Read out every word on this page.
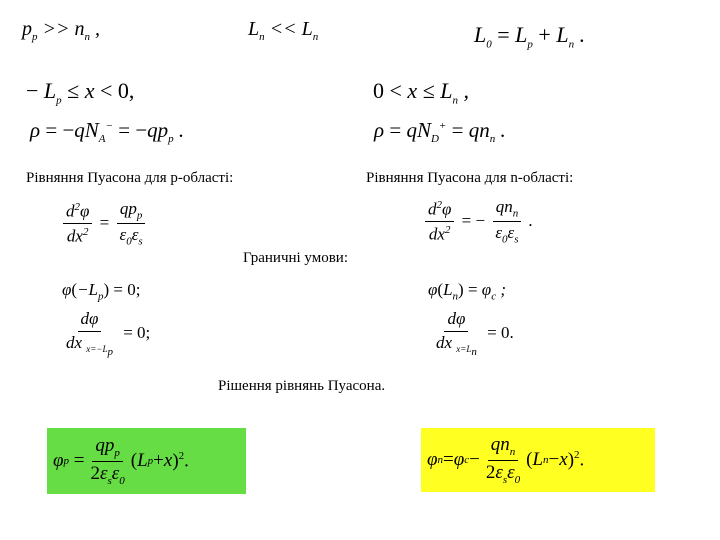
$p_p >> n_n$ ,	$L_n << L_n$	$L_0 = L_p + L_n$ .
− $L_p \le x < 0$,	$0 < x \le L_n$ ,
$\rho = -qN_A^- = -qp_p$ .	$\rho = qN_D^+ = qn_n$ .
Рівняння Пуасона для р-області:	Рівняння Пуасона для n-області:
$\frac{d^2\varphi}{dx^2} = \frac{qp_p}{\varepsilon_0\varepsilon_s}$	$\frac{d^2\varphi}{dx^2}$ = − $\frac{qn_n}{\varepsilon_0\varepsilon_s}$ .
Граничні умови:
$\varphi(-L_p) = 0$;	$\varphi(L_n) = \varphi_c$ ;
$\frac{d\varphi}{dx _{x=-L_p}} = 0$;	$\frac{d\varphi}{dx _{x=L_n}} = 0$.
Рішення рівнянь Пуасона.
φ p
= $\frac{qp_p}{2\varepsilon_s\varepsilon_0}$ ( L p + x )$^2$.	φ n = φ $c - \frac{qn_n}{2\varepsilon_s\varepsilon_0}$ ( L n − x )$^2$.
